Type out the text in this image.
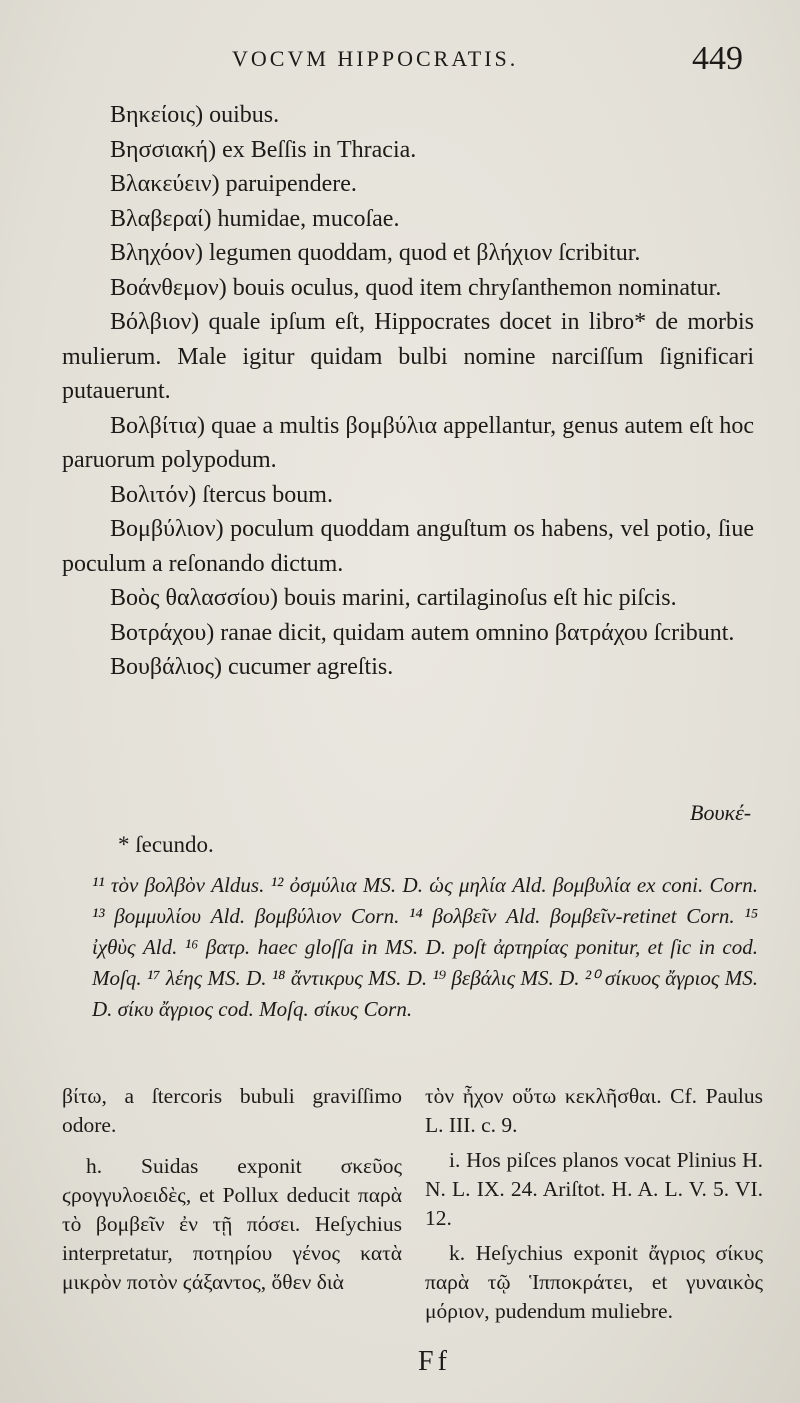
VOCVM HIPPOCRATIS.	449

Βηκείοις) ouibus.

Βησσιακή) ex Beſſis in Thracia.

Βλακεύειν) paruipendere.

Βλαβεραί) humidae, mucoſae.

Βληχόον) legumen quoddam, quod et βλήχιον ſcribitur.

Βοάνθεμον) bouis oculus, quod item chryſanthemon nominatur.

Βόλβιον) quale ipſum eſt, Hippocrates docet in libro* de morbis mulierum. Male igitur quidam bulbi nomine narciſſum ſignificari putauerunt.

Βολβίτια) quae a multis βομβύλια appellantur, genus autem eſt hoc paruorum polypodum.

Βολιτόν) ſtercus boum.

Βομβύλιον) poculum quoddam anguſtum os habens, vel potio, ſiue poculum a reſonando dictum.

Βοὸς θαλασσίου) bouis marini, cartilaginoſus eſt hic piſcis.

Βοτράχου) ranae dicit, quidam autem omnino βατράχου ſcribunt.

Βουβάλιος) cucumer agreſtis.

Βουκέ-
* ſecundo.
¹¹ τὸν βολβὸν Aldus. ¹² ὀσμύλια MS. D. ὡς μηλία Ald. βομβυλία ex coni. Corn. ¹³ βομμυλίου Ald. βομβύλιον Corn. ¹⁴ βολβεῖν Ald. βομβεῖν-retinet Corn. ¹⁵ ἰχθὺς Ald. ¹⁶ βατρ. haec gloſſa in MS. D. poſt ἀρτηρίας ponitur, et ſic in cod. Moſq. ¹⁷ λέης MS. D. ¹⁸ ἄντικρυς MS. D. ¹⁹ βεβάλις MS. D. ²⁰ σίκυος ἄγριος MS. D. σίκυ ἄγριος cod. Moſq. σίκυς Corn.

βίτω, a ſtercoris bubuli graviſſimo odore.

h. Suidas exponit σκεῦος ϛρογγυλοειδὲς, et Pollux deducit παρὰ τὸ βομβεῖν ἐν τῇ πόσει. Heſychius interpretatur, ποτηρίου γένος κατὰ μικρὸν ποτὸν ϛάξαντος, ὅθεν διὰ

τὸν ἦχον οὕτω κεκλῆσθαι. Cf. Paulus L. III. c. 9.

i. Hos piſces planos vocat Plinius H. N. L. IX. 24. Ariſtot. H. A. L. V. 5. VI. 12.

k. Heſychius exponit ἄγριος σίκυς παρὰ τῷ Ἱπποκράτει, et γυναικὸς μόριον, pudendum muliebre.

Ff
